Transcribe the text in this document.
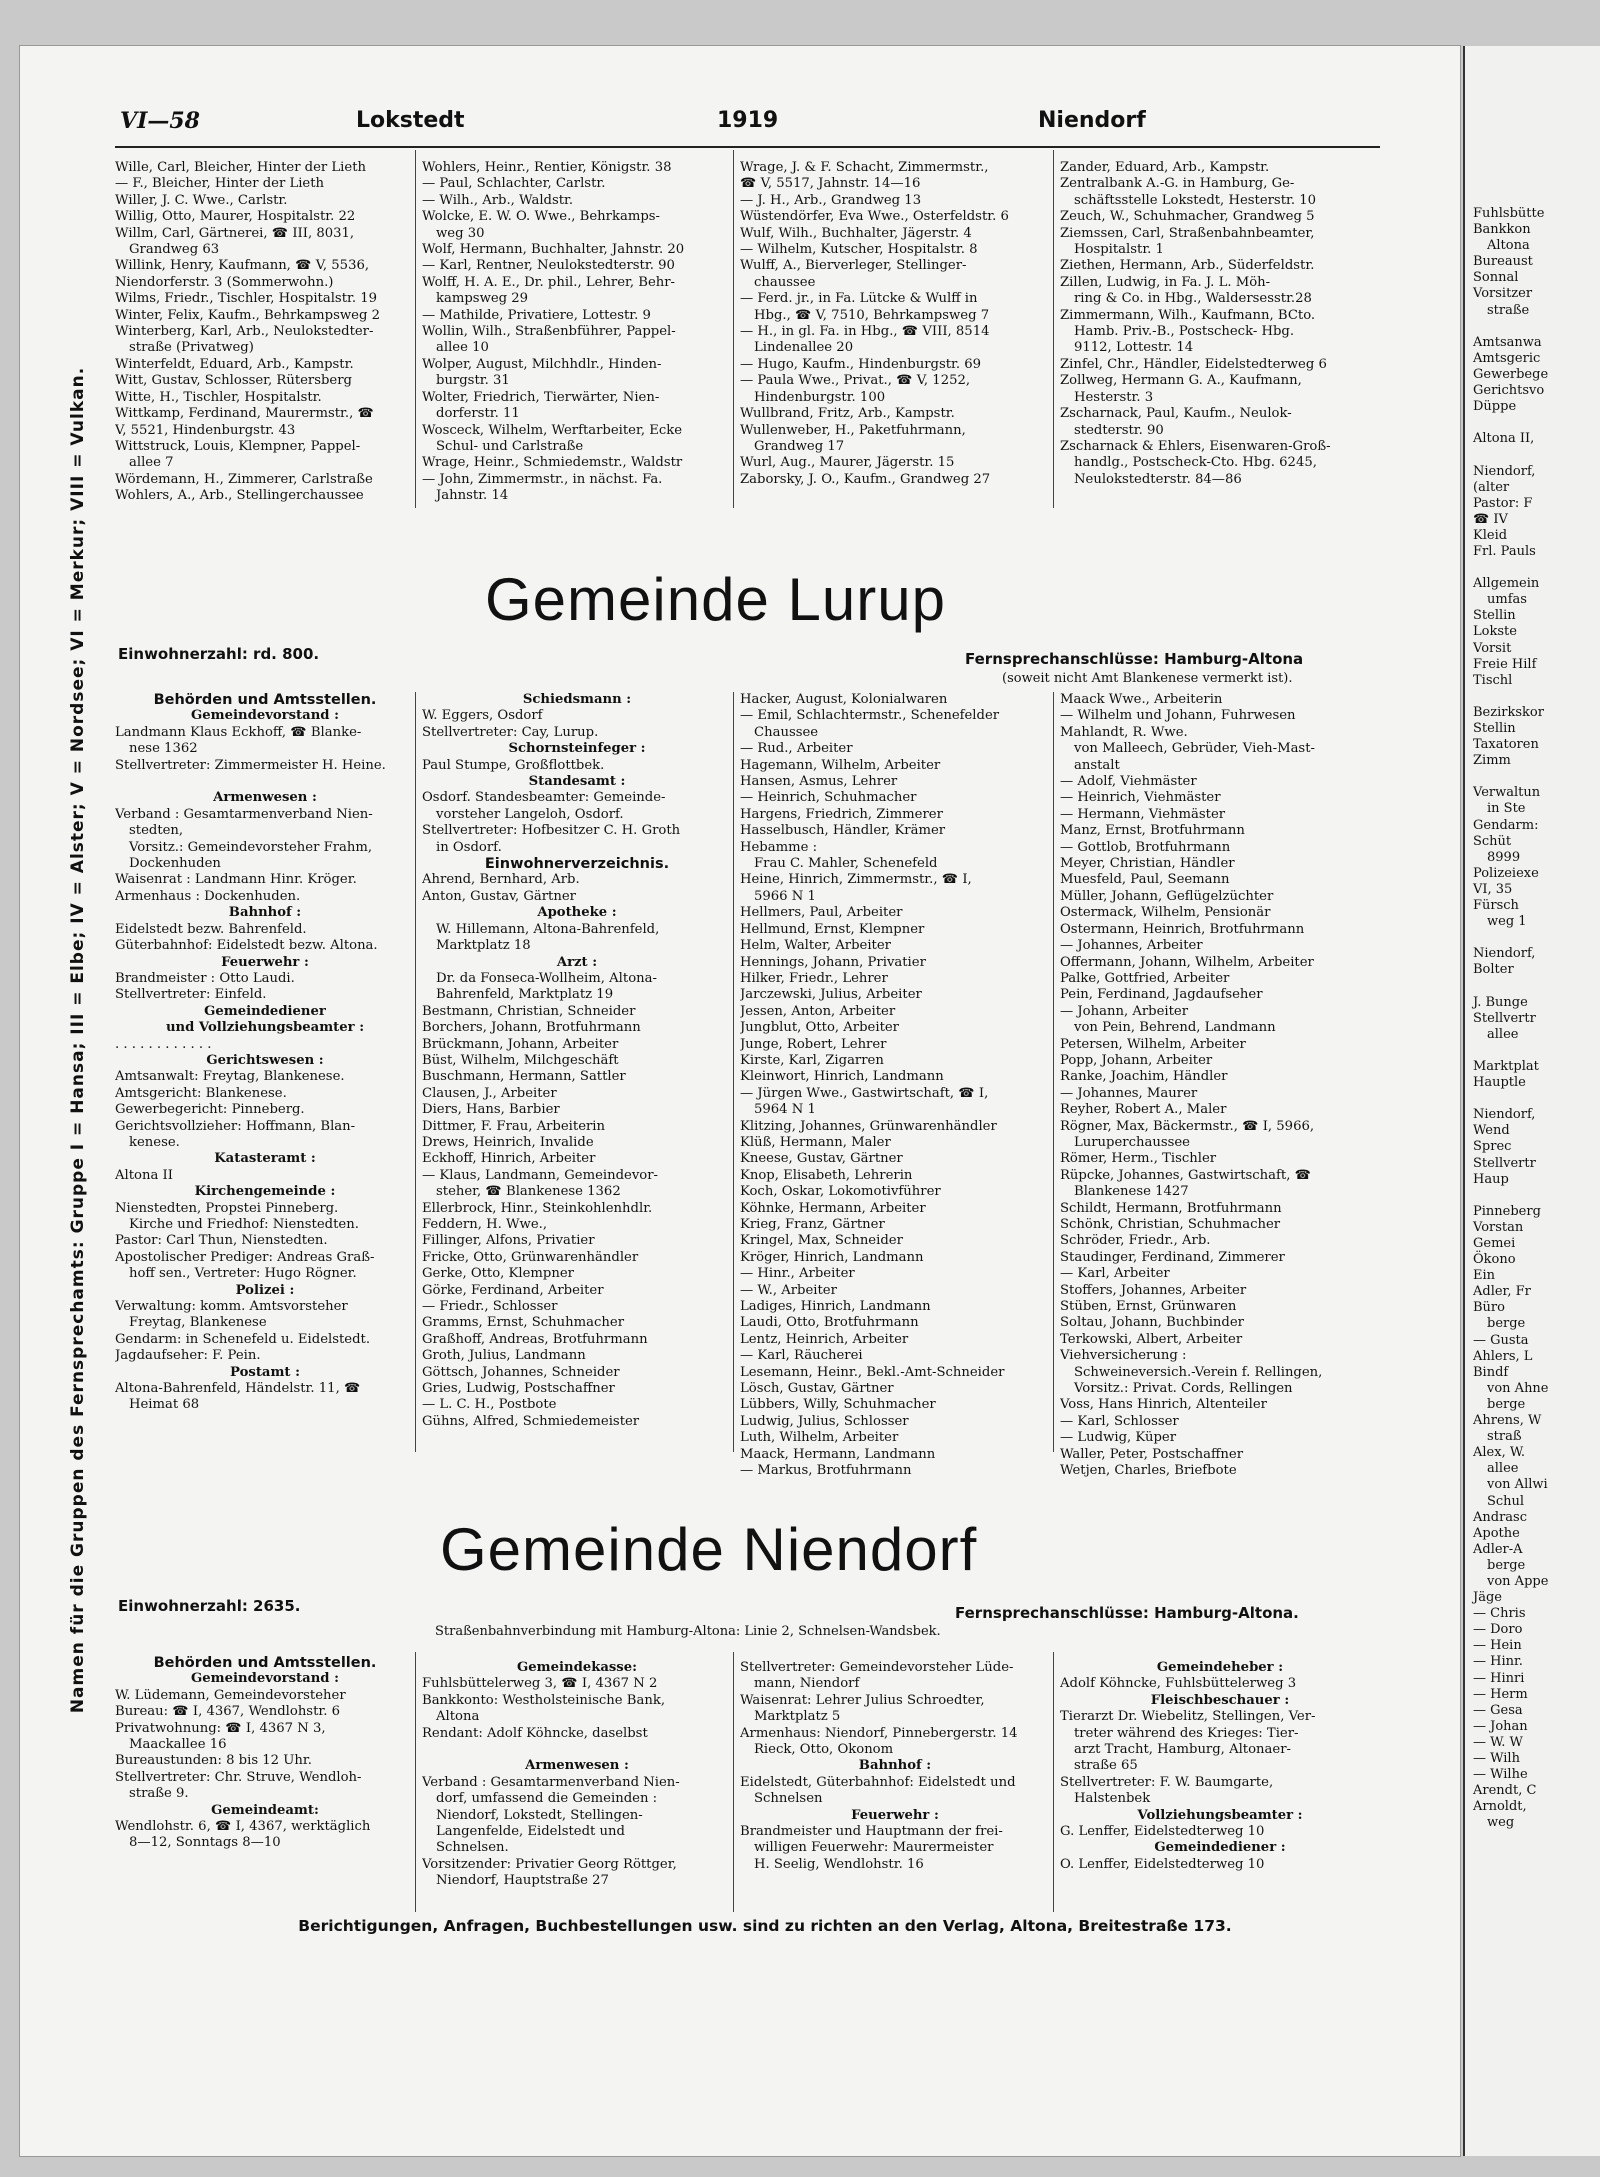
Fuhlsbütte
Bankkon
Altona
Bureaust
Sonnal
Vorsitzer
straße

Amtsanwa
Amtsgeric
Gewerbege
Gerichtsvo
Düppe

Altona II,

Niendorf,
(alter
Pastor: F
☎ IV
Kleid
Frl. Pauls

Allgemein
umfas
Stellin
Lokste
Vorsit
Freie Hilf
Tischl

Bezirkskor
Stellin
Taxatoren
Zimm

Verwaltun
in Ste
Gendarm:
Schüt
8999
Polizeiexe
VI, 35
Fürsch
weg 1

Niendorf,
Bolter

J. Bunge
Stellvertr
allee

Marktplat
Hauptle

Niendorf,
Wend
Sprec
Stellvertr
Haup

Pinneberg
Vorstan
Gemei
Ökono
Ein
Adler, Fr
Büro
berge
— Gusta
Ahlers, L
Bindf
von Ahne
berge
Ahrens, W
straß
Alex, W.
allee
von Allwi
Schul
Andrasc
Apothe
Adler-A
berge
von Appe
Jäge
— Chris
— Doro
— Hein
— Hinr.
— Hinri
— Herm
— Gesa
— Johan
— W. W
— Wilh
— Wilhe
Arendt, C
Arnoldt,
weg
Namen für die Gruppen des Fernsprechamts: Gruppe I = Hansa; III = Elbe; IV = Alster; V = Nordsee; VI = Merkur; VIII = Vulkan.
VI—58	Lokstedt	1919	Niendorf
Wille, Carl, Bleicher, Hinter der Lieth
— F., Bleicher, Hinter der Lieth
Willer, J. C. Wwe., Carlstr.
Willig, Otto, Maurer, Hospitalstr. 22
Willm, Carl, Gärtnerei, ☎ III, 8031,
Grandweg 63
Willink, Henry, Kaufmann, ☎ V, 5536,
Niendorferstr. 3 (Sommerwohn.)
Wilms, Friedr., Tischler, Hospitalstr. 19
Winter, Felix, Kaufm., Behrkampsweg 2
Winterberg, Karl, Arb., Neulokstedter-
straße (Privatweg)
Winterfeldt, Eduard, Arb., Kampstr.
Witt, Gustav, Schlosser, Rütersberg
Witte, H., Tischler, Hospitalstr.
Wittkamp, Ferdinand, Maurermstr., ☎
V, 5521, Hindenburgstr. 43
Wittstruck, Louis, Klempner, Pappel-
allee 7
Wördemann, H., Zimmerer, Carlstraße
Wohlers, A., Arb., Stellingerchaussee
Wohlers, Heinr., Rentier, Königstr. 38
— Paul, Schlachter, Carlstr.
— Wilh., Arb., Waldstr.
Wolcke, E. W. O. Wwe., Behrkamps-
weg 30
Wolf, Hermann, Buchhalter, Jahnstr. 20
— Karl, Rentner, Neulokstedterstr. 90
Wolff, H. A. E., Dr. phil., Lehrer, Behr-
kampsweg 29
— Mathilde, Privatiere, Lottestr. 9
Wollin, Wilh., Straßenbführer, Pappel-
allee 10
Wolper, August, Milchhdlr., Hinden-
burgstr. 31
Wolter, Friedrich, Tierwärter, Nien-
dorferstr. 11
Wosceck, Wilhelm, Werftarbeiter, Ecke
Schul- und Carlstraße
Wrage, Heinr., Schmiedemstr., Waldstr
— John, Zimmermstr., in nächst. Fa.
Jahnstr. 14
Wrage, J. & F. Schacht, Zimmermstr.,
☎ V, 5517, Jahnstr. 14—16
— J. H., Arb., Grandweg 13
Wüstendörfer, Eva Wwe., Osterfeldstr. 6
Wulf, Wilh., Buchhalter, Jägerstr. 4
— Wilhelm, Kutscher, Hospitalstr. 8
Wulff, A., Bierverleger, Stellinger-
chaussee
— Ferd. jr., in Fa. Lütcke & Wulff in
Hbg., ☎ V, 7510, Behrkampsweg 7
— H., in gl. Fa. in Hbg., ☎ VIII, 8514
Lindenallee 20
— Hugo, Kaufm., Hindenburgstr. 69
— Paula Wwe., Privat., ☎ V, 1252,
Hindenburgstr. 100
Wullbrand, Fritz, Arb., Kampstr.
Wullenweber, H., Paketfuhrmann,
Grandweg 17
Wurl, Aug., Maurer, Jägerstr. 15
Zaborsky, J. O., Kaufm., Grandweg 27
Zander, Eduard, Arb., Kampstr.
Zentralbank A.-G. in Hamburg, Ge-
schäftsstelle Lokstedt, Hesterstr. 10
Zeuch, W., Schuhmacher, Grandweg 5
Ziemssen, Carl, Straßenbahnbeamter,
Hospitalstr. 1
Ziethen, Hermann, Arb., Süderfeldstr.
Zillen, Ludwig, in Fa. J. L. Möh-
ring & Co. in Hbg., Waldersesstr.28
Zimmermann, Wilh., Kaufmann, BCto.
Hamb. Priv.-B., Postscheck- Hbg.
9112, Lottestr. 14
Zinfel, Chr., Händler, Eidelstedterweg 6
Zollweg, Hermann G. A., Kaufmann,
Hesterstr. 3
Zscharnack, Paul, Kaufm., Neulok-
stedterstr. 90
Zscharnack & Ehlers, Eisenwaren-Groß-
handlg., Postscheck-Cto. Hbg. 6245,
Neulokstedterstr. 84—86
Gemeinde Lurup
Einwohnerzahl: rd. 800.	Fernsprechanschlüsse: Hamburg-Altona
(soweit nicht Amt Blankenese vermerkt ist).
Behörden und Amtsstellen.
Gemeindevorstand :
Landmann Klaus Eckhoff, ☎ Blanke-
nese 1362
Stellvertreter: Zimmermeister H. Heine.

Armenwesen :
Verband : Gesamtarmenverband Nien-
stedten,
Vorsitz.: Gemeindevorsteher Frahm,
Dockenhuden
Waisenrat : Landmann Hinr. Kröger.
Armenhaus : Dockenhuden.
Bahnhof :
Eidelstedt bezw. Bahrenfeld.
Güterbahnhof: Eidelstedt bezw. Altona.
Feuerwehr :
Brandmeister : Otto Laudi.
Stellvertreter: Einfeld.
Gemeindediener
und Vollziehungsbeamter :
. . . . . . . . . . . .
Gerichtswesen :
Amtsanwalt: Freytag, Blankenese.
Amtsgericht: Blankenese.
Gewerbegericht: Pinneberg.
Gerichtsvollzieher: Hoffmann, Blan-
kenese.
Katasteramt :
Altona II
Kirchengemeinde :
Nienstedten, Propstei Pinneberg.
Kirche und Friedhof: Nienstedten.
Pastor: Carl Thun, Nienstedten.
Apostolischer Prediger: Andreas Graß-
hoff sen., Vertreter: Hugo Rögner.
Polizei :
Verwaltung: komm. Amtsvorsteher
Freytag, Blankenese
Gendarm: in Schenefeld u. Eidelstedt.
Jagdaufseher: F. Pein.
Postamt :
Altona-Bahrenfeld, Händelstr. 11, ☎
Heimat 68
Schiedsmann :
W. Eggers, Osdorf
Stellvertreter: Cay, Lurup.
Schornsteinfeger :
Paul Stumpe, Großflottbek.
Standesamt :
Osdorf. Standesbeamter: Gemeinde-
vorsteher Langeloh, Osdorf.
Stellvertreter: Hofbesitzer C. H. Groth
in Osdorf.
Einwohnerverzeichnis.
Ahrend, Bernhard, Arb.
Anton, Gustav, Gärtner
Apotheke :
W. Hillemann, Altona-Bahrenfeld,
Marktplatz 18
Arzt :
Dr. da Fonseca-Wollheim, Altona-
Bahrenfeld, Marktplatz 19
Bestmann, Christian, Schneider
Borchers, Johann, Brotfuhrmann
Brückmann, Johann, Arbeiter
Büst, Wilhelm, Milchgeschäft
Buschmann, Hermann, Sattler
Clausen, J., Arbeiter
Diers, Hans, Barbier
Dittmer, F. Frau, Arbeiterin
Drews, Heinrich, Invalide
Eckhoff, Hinrich, Arbeiter
— Klaus, Landmann, Gemeindevor-
steher, ☎ Blankenese 1362
Ellerbrock, Hinr., Steinkohlenhdlr.
Feddern, H. Wwe.,
Fillinger, Alfons, Privatier
Fricke, Otto, Grünwarenhändler
Gerke, Otto, Klempner
Görke, Ferdinand, Arbeiter
— Friedr., Schlosser
Gramms, Ernst, Schuhmacher
Graßhoff, Andreas, Brotfuhrmann
Groth, Julius, Landmann
Göttsch, Johannes, Schneider
Gries, Ludwig, Postschaffner
— L. C. H., Postbote
Gühns, Alfred, Schmiedemeister
Hacker, August, Kolonialwaren
— Emil, Schlachtermstr., Schenefelder
Chaussee
— Rud., Arbeiter
Hagemann, Wilhelm, Arbeiter
Hansen, Asmus, Lehrer
— Heinrich, Schuhmacher
Hargens, Friedrich, Zimmerer
Hasselbusch, Händler, Krämer
Hebamme :
Frau C. Mahler, Schenefeld
Heine, Hinrich, Zimmermstr., ☎ I,
5966 N 1
Hellmers, Paul, Arbeiter
Hellmund, Ernst, Klempner
Helm, Walter, Arbeiter
Hennings, Johann, Privatier
Hilker, Friedr., Lehrer
Jarczewski, Julius, Arbeiter
Jessen, Anton, Arbeiter
Jungblut, Otto, Arbeiter
Junge, Robert, Lehrer
Kirste, Karl, Zigarren
Kleinwort, Hinrich, Landmann
— Jürgen Wwe., Gastwirtschaft, ☎ I,
5964 N 1
Klitzing, Johannes, Grünwarenhändler
Klüß, Hermann, Maler
Kneese, Gustav, Gärtner
Knop, Elisabeth, Lehrerin
Koch, Oskar, Lokomotivführer
Köhnke, Hermann, Arbeiter
Krieg, Franz, Gärtner
Kringel, Max, Schneider
Kröger, Hinrich, Landmann
— Hinr., Arbeiter
— W., Arbeiter
Ladiges, Hinrich, Landmann
Laudi, Otto, Brotfuhrmann
Lentz, Heinrich, Arbeiter
— Karl, Räucherei
Lesemann, Heinr., Bekl.-Amt-Schneider
Lösch, Gustav, Gärtner
Lübbers, Willy, Schuhmacher
Ludwig, Julius, Schlosser
Luth, Wilhelm, Arbeiter
Maack, Hermann, Landmann
— Markus, Brotfuhrmann
Maack Wwe., Arbeiterin
— Wilhelm und Johann, Fuhrwesen
Mahlandt, R. Wwe.
von Malleech, Gebrüder, Vieh-Mast-
anstalt
— Adolf, Viehmäster
— Heinrich, Viehmäster
— Hermann, Viehmäster
Manz, Ernst, Brotfuhrmann
— Gottlob, Brotfuhrmann
Meyer, Christian, Händler
Muesfeld, Paul, Seemann
Müller, Johann, Geflügelzüchter
Ostermack, Wilhelm, Pensionär
Ostermann, Heinrich, Brotfuhrmann
— Johannes, Arbeiter
Offermann, Johann, Wilhelm, Arbeiter
Palke, Gottfried, Arbeiter
Pein, Ferdinand, Jagdaufseher
— Johann, Arbeiter
von Pein, Behrend, Landmann
Petersen, Wilhelm, Arbeiter
Popp, Johann, Arbeiter
Ranke, Joachim, Händler
— Johannes, Maurer
Reyher, Robert A., Maler
Rögner, Max, Bäckermstr., ☎ I, 5966,
Luruperchaussee
Römer, Herm., Tischler
Rüpcke, Johannes, Gastwirtschaft, ☎
Blankenese 1427
Schildt, Hermann, Brotfuhrmann
Schönk, Christian, Schuhmacher
Schröder, Friedr., Arb.
Staudinger, Ferdinand, Zimmerer
— Karl, Arbeiter
Stoffers, Johannes, Arbeiter
Stüben, Ernst, Grünwaren
Soltau, Johann, Buchbinder
Terkowski, Albert, Arbeiter
Viehversicherung :
Schweineversich.-Verein f. Rellingen,
Vorsitz.: Privat. Cords, Rellingen
Voss, Hans Hinrich, Altenteiler
— Karl, Schlosser
— Ludwig, Küper
Waller, Peter, Postschaffner
Wetjen, Charles, Briefbote
Gemeinde Niendorf
Einwohnerzahl: 2635.	Fernsprechanschlüsse: Hamburg-Altona.
Straßenbahnverbindung mit Hamburg-Altona: Linie 2, Schnelsen-Wandsbek.
Behörden und Amtsstellen.
Gemeindevorstand :
W. Lüdemann, Gemeindevorsteher
Bureau: ☎ I, 4367, Wendlohstr. 6
Privatwohnung: ☎ I, 4367 N 3,
Maackallee 16
Bureaustunden: 8 bis 12 Uhr.
Stellvertreter: Chr. Struve, Wendloh-
straße 9.
Gemeindeamt:
Wendlohstr. 6, ☎ I, 4367, werktäglich
8—12, Sonntags 8—10
Gemeindekasse:
Fuhlsbüttelerweg 3, ☎ I, 4367 N 2
Bankkonto: Westholsteinische Bank,
Altona
Rendant: Adolf Köhncke, daselbst

Armenwesen :
Verband : Gesamtarmenverband Nien-
dorf, umfassend die Gemeinden :
Niendorf, Lokstedt, Stellingen-
Langenfelde, Eidelstedt und
Schnelsen.
Vorsitzender: Privatier Georg Röttger,
Niendorf, Hauptstraße 27
Stellvertreter: Gemeindevorsteher Lüde-
mann, Niendorf
Waisenrat: Lehrer Julius Schroedter,
Marktplatz 5
Armenhaus: Niendorf, Pinnebergerstr. 14
Rieck, Otto, Ökonom
Bahnhof :
Eidelstedt, Güterbahnhof: Eidelstedt und
Schnelsen
Feuerwehr :
Brandmeister und Hauptmann der frei-
willigen Feuerwehr: Maurermeister
H. Seelig, Wendlohstr. 16
Gemeindeheber :
Adolf Köhncke, Fuhlsbüttelerweg 3
Fleischbeschauer :
Tierarzt Dr. Wiebelitz, Stellingen, Ver-
treter während des Krieges: Tier-
arzt Tracht, Hamburg, Altonaer-
straße 65
Stellvertreter: F. W. Baumgarte,
Halstenbek
Vollziehungsbeamter :
G. Lenffer, Eidelstedterweg 10
Gemeindediener :
O. Lenffer, Eidelstedterweg 10
Berichtigungen, Anfragen, Buchbestellungen usw. sind zu richten an den Verlag, Altona, Breitestraße 173.
